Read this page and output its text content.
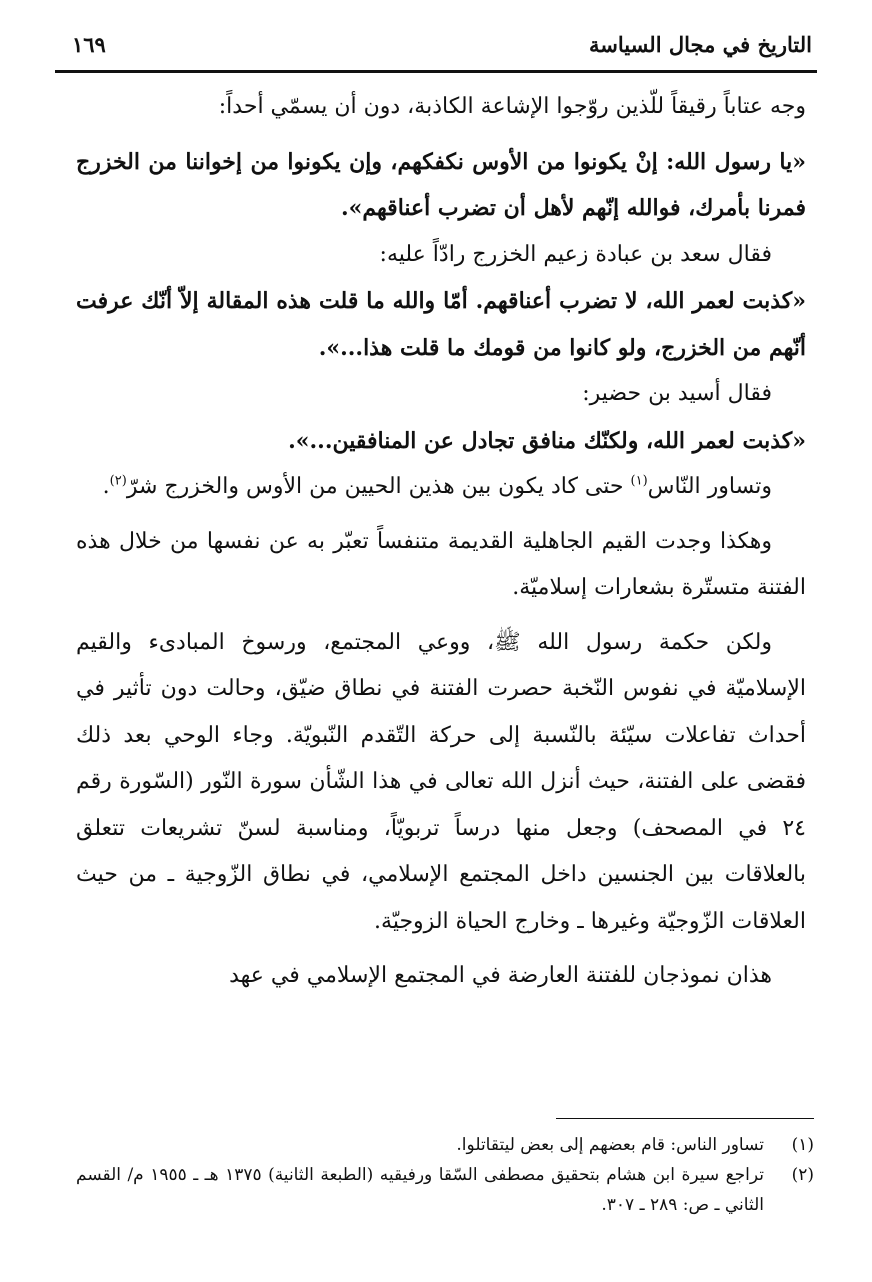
التاريخ في مجال السياسة
١٦٩

وجه عتاباً رقيقاً للّذين روّجوا الإشاعة الكاذبة، دون أن يسمّي أحداً:

«يا رسول الله: إنْ يكونوا من الأوس نكفكهم، وإن يكونوا من إخواننا من الخزرج فمرنا بأمرك، فوالله إنّهم لأهل أن تضرب أعناقهم».

فقال سعد بن عبادة زعيم الخزرج رادّاً عليه:

«كذبت لعمر الله، لا تضرب أعناقهم. أمّا والله ما قلت هذه المقالة إلاّ أنّك عرفت أنّهم من الخزرج، ولو كانوا من قومك ما قلت هذا...».

فقال أسيد بن حضير:

«كذبت لعمر الله، ولكنّك منافق تجادل عن المنافقين...».

وتساور النّاس$^{(١)}$ حتى كاد يكون بين هذين الحيين من الأوس والخزرج شرّ$^{(٢)}$.

وهكذا وجدت القيم الجاهلية القديمة متنفساً تعبّر به عن نفسها من خلال هذه الفتنة متستّرة بشعارات إسلاميّة.

ولكن حكمة رسول الله ﷺ، ووعي المجتمع، ورسوخ المبادىء والقيم الإسلاميّة في نفوس النّخبة حصرت الفتنة في نطاق ضيّق، وحالت دون تأثير في أحداث تفاعلات سيّئة بالنّسبة إلى حركة التّقدم النّبويّة. وجاء الوحي بعد ذلك فقضى على الفتنة، حيث أنزل الله تعالى في هذا الشّأن سورة النّور (السّورة رقم ٢٤ في المصحف) وجعل منها درساً تربويّاً، ومناسبة لسنّ تشريعات تتعلق بالعلاقات بين الجنسين داخل المجتمع الإسلامي، في نطاق الزّوجية ـ من حيث العلاقات الزّوجيّة وغيرها ـ وخارج الحياة الزوجيّة.

هذان نموذجان للفتنة العارضة في المجتمع الإسلامي في عهد

(١)
تساور الناس: قام بعضهم إلى بعض ليتقاتلوا.
(٢)
تراجع سيرة ابن هشام بتحقيق مصطفى السّقا ورفيقيه (الطبعة الثانية) ١٣٧٥ هـ ـ ١٩٥٥ م/ القسم الثاني ـ ص: ٢٨٩ ـ ٣٠٧.
